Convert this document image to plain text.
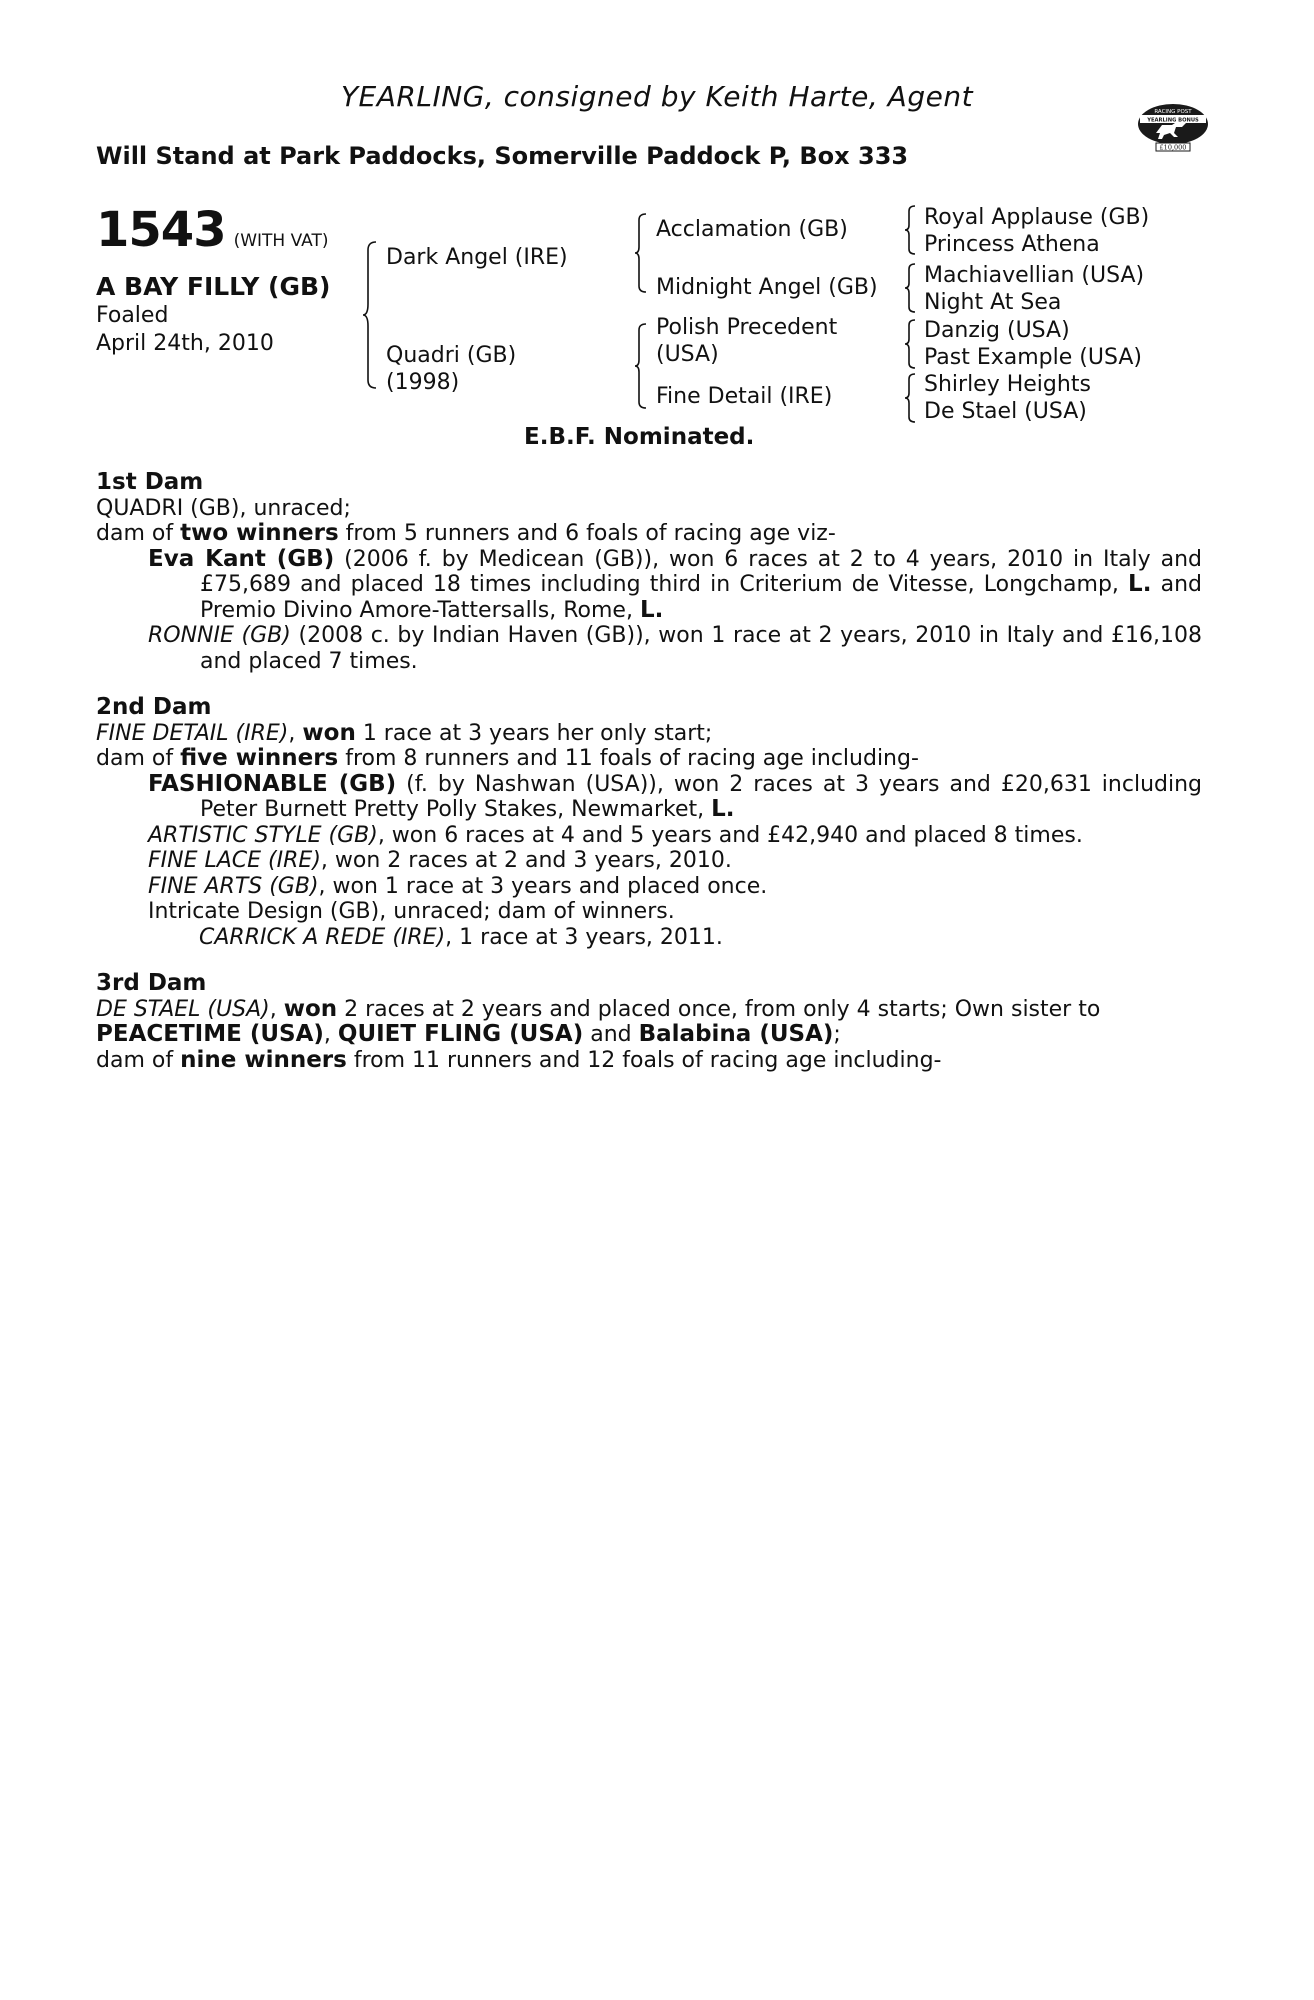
YEARLING, consigned by Keith Harte, Agent
Will Stand at Park Paddocks, Somerville Paddock P, Box 333
RACING POST
YEARLING BONUS
£10,000
1543 (WITH VAT)
A BAY FILLY (GB)
Foaled
April 24th, 2010
Dark Angel (IRE)
Quadri (GB)
(1998)
Acclamation (GB)
Midnight Angel (GB)
Polish Precedent
(USA)
Fine Detail (IRE)
Royal Applause (GB)
Princess Athena
Machiavellian (USA)
Night At Sea
Danzig (USA)
Past Example (USA)
Shirley Heights
De Stael (USA)
E.B.F. Nominated.
1st Dam
QUADRI (GB), unraced;
dam of two winners from 5 runners and 6 foals of racing age viz-
Eva Kant (GB) (2006 f. by Medicean (GB)), won 6 races at 2 to 4 years, 2010 in Italy and £75,689 and placed 18 times including third in Criterium de Vitesse, Longchamp, L. and Premio Divino Amore-Tattersalls, Rome, L.
RONNIE (GB) (2008 c. by Indian Haven (GB)), won 1 race at 2 years, 2010 in Italy and £16,108 and placed 7 times.
2nd Dam
FINE DETAIL (IRE), won 1 race at 3 years her only start;
dam of five winners from 8 runners and 11 foals of racing age including-
FASHIONABLE (GB) (f. by Nashwan (USA)), won 2 races at 3 years and £20,631 including Peter Burnett Pretty Polly Stakes, Newmarket, L.
ARTISTIC STYLE (GB), won 6 races at 4 and 5 years and £42,940 and placed 8 times.
FINE LACE (IRE), won 2 races at 2 and 3 years, 2010.
FINE ARTS (GB), won 1 race at 3 years and placed once.
Intricate Design (GB), unraced; dam of winners.
CARRICK A REDE (IRE), 1 race at 3 years, 2011.
3rd Dam
DE STAEL (USA), won 2 races at 2 years and placed once, from only 4 starts; Own sister to
PEACETIME (USA), QUIET FLING (USA) and Balabina (USA);
dam of nine winners from 11 runners and 12 foals of racing age including-
